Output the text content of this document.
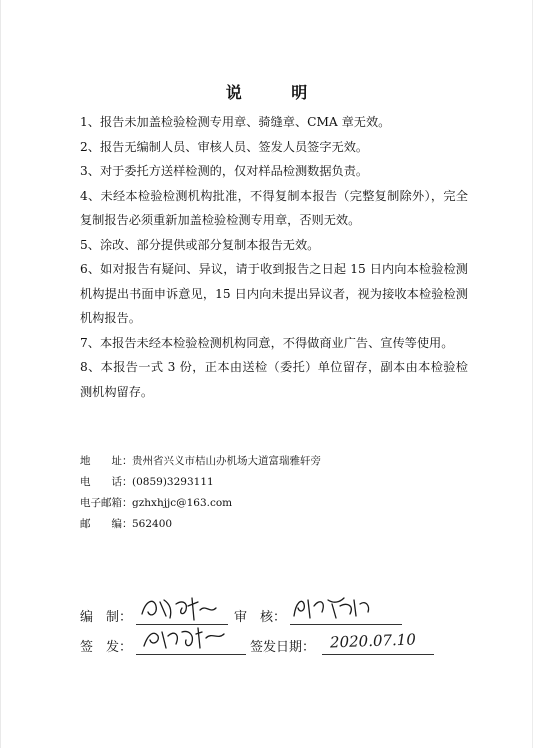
说 明

1、报告未加盖检验检测专用章、骑缝章、CMA 章无效。

2、报告无编制人员、审核人员、签发人员签字无效。

3、对于委托方送样检测的，仅对样品检测数据负责。

4、未经本检验检测机构批准，不得复制本报告（完整复制除外），完全复制报告必须重新加盖检验检测专用章，否则无效。

5、涂改、部分提供或部分复制本报告无效。

6、如对报告有疑问、异议，请于收到报告之日起 15 日内向本检验检测机构提出书面申诉意见，15 日内向未提出异议者，视为接收本检验检测机构报告。

7、本报告未经本检验检测机构同意，不得做商业广告、宣传等使用。

8、本报告一式 3 份，正本由送检（委托）单位留存，副本由本检验检测机构留存。

地　　址： 贵州省兴义市桔山办机场大道富瑞雅轩旁
电　　话： (0859)3293111
电子邮箱： gzhxhjjc@163.com
邮　　编： 562400
编　制：	审　核：
签　发：	签发日期： 2020.07.10
